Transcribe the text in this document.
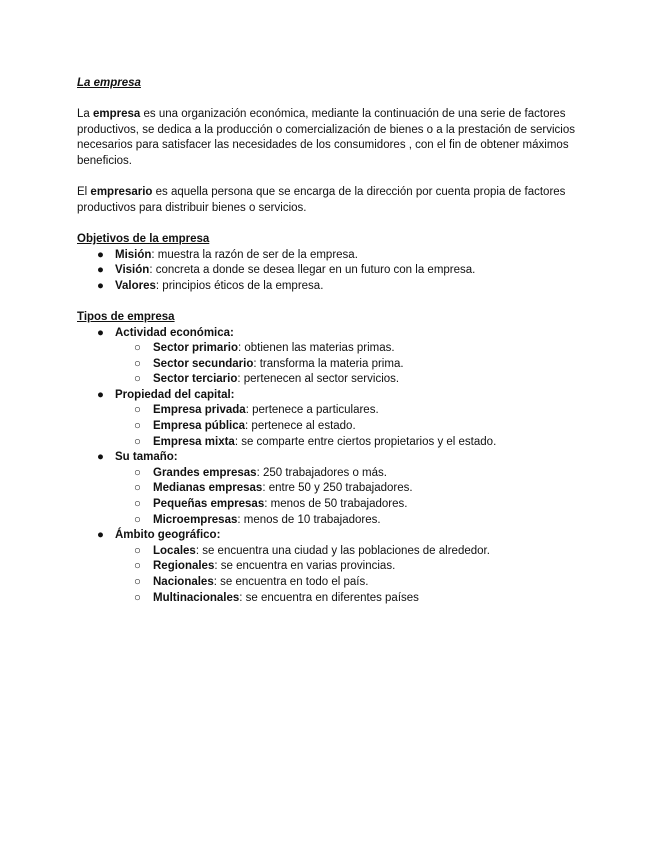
La empresa

La empresa es una organización económica, mediante la continuación de una serie de factores productivos, se dedica a la producción o comercialización de bienes o a la prestación de servicios necesarios para satisfacer las necesidades de los consumidores , con el fin de obtener máximos beneficios.

El empresario es aquella persona que se encarga de la dirección por cuenta propia de factores productivos para distribuir bienes o servicios.

Objetivos de la empresa
● Misión: muestra la razón de ser de la empresa.
● Visión: concreta a donde se desea llegar en un futuro con la empresa.
● Valores: principios éticos de la empresa.
Tipos de empresa
● Actividad económica:
○ Sector primario: obtienen las materias primas.
○ Sector secundario: transforma la materia prima.
○ Sector terciario: pertenecen al sector servicios.
● Propiedad del capital:
○ Empresa privada: pertenece a particulares.
○ Empresa pública: pertenece al estado.
○ Empresa mixta: se comparte entre ciertos propietarios y el estado.
● Su tamaño:
○ Grandes empresas: 250 trabajadores o más.
○ Medianas empresas: entre 50 y 250 trabajadores.
○ Pequeñas empresas: menos de 50 trabajadores.
○ Microempresas: menos de 10 trabajadores.
● Ámbito geográfico:
○ Locales: se encuentra una ciudad y las poblaciones de alrededor.
○ Regionales: se encuentra en varias provincias.
○ Nacionales: se encuentra en todo el país.
○ Multinacionales: se encuentra en diferentes países
